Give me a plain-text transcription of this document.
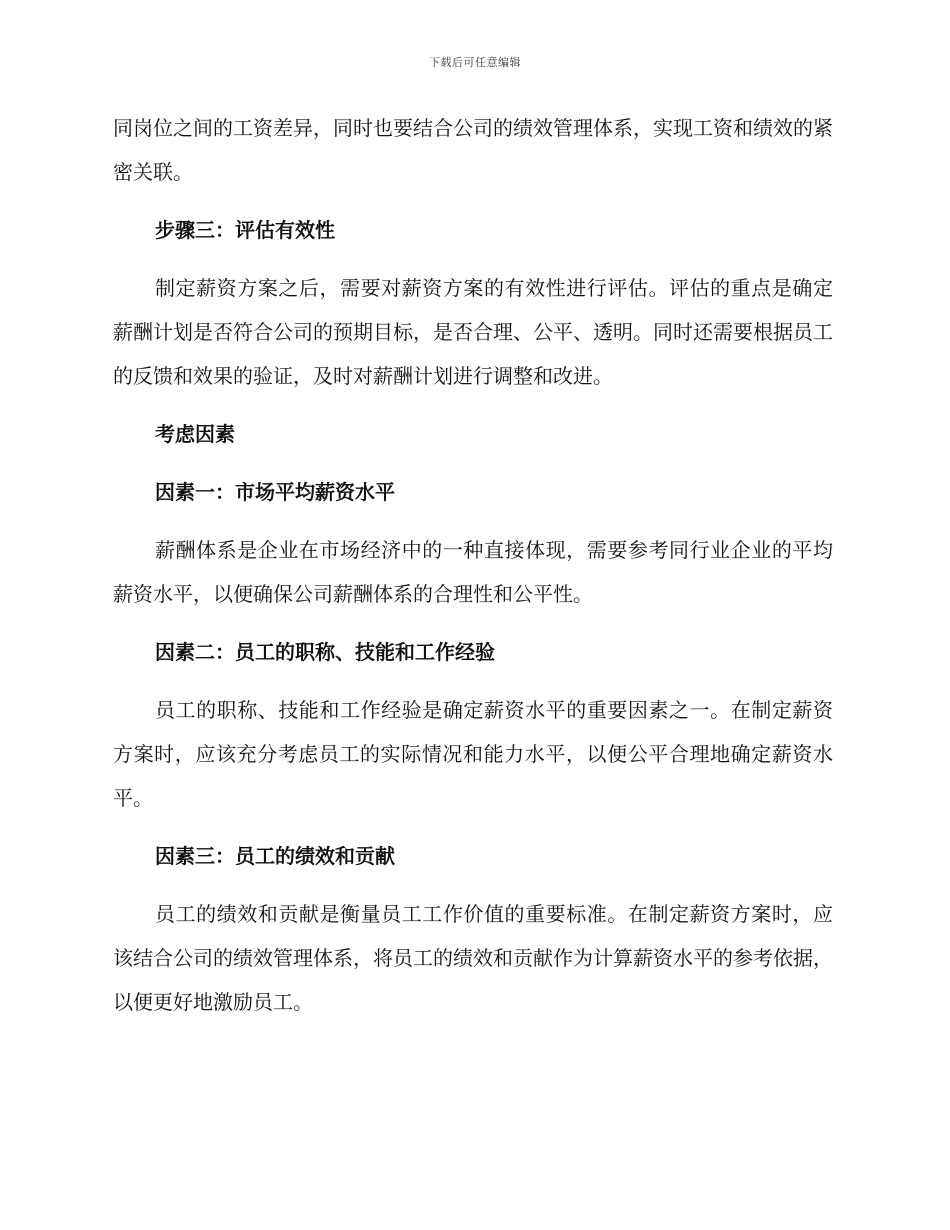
下载后可任意编辑

同岗位之间的工资差异，同时也要结合公司的绩效管理体系，实现工资和绩效的紧密关联。

步骤三：评估有效性

制定薪资方案之后，需要对薪资方案的有效性进行评估。评估的重点是确定薪酬计划是否符合公司的预期目标，是否合理、公平、透明。同时还需要根据员工的反馈和效果的验证，及时对薪酬计划进行调整和改进。

考虑因素

因素一：市场平均薪资水平

薪酬体系是企业在市场经济中的一种直接体现，需要参考同行业企业的平均薪资水平，以便确保公司薪酬体系的合理性和公平性。

因素二：员工的职称、技能和工作经验

员工的职称、技能和工作经验是确定薪资水平的重要因素之一。在制定薪资方案时，应该充分考虑员工的实际情况和能力水平，以便公平合理地确定薪资水平。

因素三：员工的绩效和贡献

员工的绩效和贡献是衡量员工工作价值的重要标准。在制定薪资方案时，应该结合公司的绩效管理体系，将员工的绩效和贡献作为计算薪资水平的参考依据，以便更好地激励员工。
